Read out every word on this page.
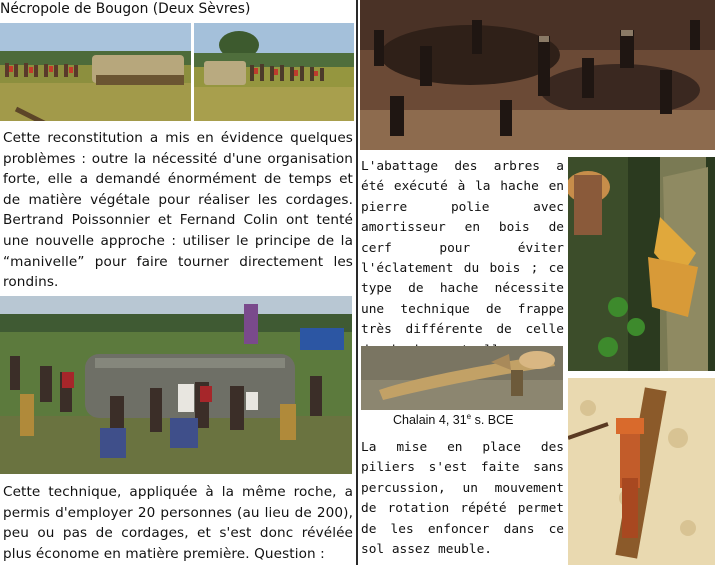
Nécropole de Bougon (Deux Sèvres)
Cette reconstitution a mis en évidence quelques problèmes : outre la nécessité d'une organisation forte, elle a demandé énormément de temps et de matière végétale pour réaliser les cordages. Bertrand Poissonnier et Fernand Colin ont tenté une nouvelle approche : utiliser le principe de la “manivelle” pour faire tourner directement les rondins.
Cette technique, appliquée à la même roche, a permis d'employer 20 personnes (au lieu de 200), peu ou pas de cordages, et s'est donc révélée plus économe en matière première. Question :
L'abattage des arbres a été exécuté à la hache en pierre polie avec amortisseur en bois de cerf pour éviter l'éclatement du bois ; ce type de hache nécessite une technique de frappe très différente de celle
Chalain 4, 31e s. BCE
La mise en place des piliers s'est faite sans percussion, un mouvement de rotation répété permet de les enfoncer dans ce sol assez meuble.
